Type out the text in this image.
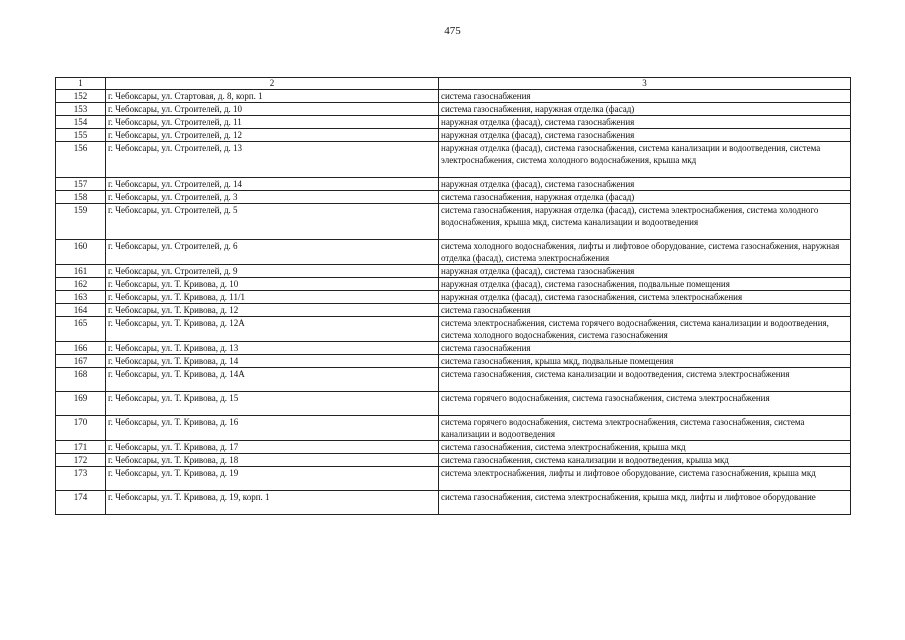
475
1	2	3
152	г. Чебоксары, ул. Стартовая, д. 8, корп. 1	система газоснабжения
153	г. Чебоксары, ул. Строителей, д. 10	система газоснабжения, наружная отделка (фасад)
154	г. Чебоксары, ул. Строителей, д. 11	наружная отделка (фасад), система газоснабжения
155	г. Чебоксары, ул. Строителей, д. 12	наружная отделка (фасад), система газоснабжения
156	г. Чебоксары, ул. Строителей, д. 13	наружная отделка (фасад), система газоснабжения, система канализации и водоотведения, система электроснабжения, система холодного водоснабжения, крыша мкд
157	г. Чебоксары, ул. Строителей, д. 14	наружная отделка (фасад), система газоснабжения
158	г. Чебоксары, ул. Строителей, д. 3	система газоснабжения, наружная отделка (фасад)
159	г. Чебоксары, ул. Строителей, д. 5	система газоснабжения, наружная отделка (фасад), система электроснабжения, система холодного водоснабжения, крыша мкд, система канализации и водоотведения
160	г. Чебоксары, ул. Строителей, д. 6	система холодного водоснабжения, лифты и лифтовое оборудование, система газоснабжения, наружная отделка (фасад), система электроснабжения
161	г. Чебоксары, ул. Строителей, д. 9	наружная отделка (фасад), система газоснабжения
162	г. Чебоксары, ул. Т. Кривова, д. 10	наружная отделка (фасад), система газоснабжения, подвальные помещения
163	г. Чебоксары, ул. Т. Кривова, д. 11/1	наружная отделка (фасад), система газоснабжения, система электроснабжения
164	г. Чебоксары, ул. Т. Кривова, д. 12	система газоснабжения
165	г. Чебоксары, ул. Т. Кривова, д. 12А	система электроснабжения, система горячего водоснабжения, система канализации и водоотведения, система холодного водоснабжения, система газоснабжения
166	г. Чебоксары, ул. Т. Кривова, д. 13	система газоснабжения
167	г. Чебоксары, ул. Т. Кривова, д. 14	система газоснабжения, крыша мкд, подвальные помещения
168	г. Чебоксары, ул. Т. Кривова, д. 14А	система газоснабжения, система канализации и водоотведения, система электроснабжения
169	г. Чебоксары, ул. Т. Кривова, д. 15	система горячего водоснабжения, система газоснабжения, система электроснабжения
170	г. Чебоксары, ул. Т. Кривова, д. 16	система горячего водоснабжения, система электроснабжения, система газоснабжения, система канализации и водоотведения
171	г. Чебоксары, ул. Т. Кривова, д. 17	система газоснабжения, система электроснабжения, крыша мкд
172	г. Чебоксары, ул. Т. Кривова, д. 18	система газоснабжения, система канализации и водоотведения, крыша мкд
173	г. Чебоксары, ул. Т. Кривова, д. 19	система электроснабжения, лифты и лифтовое оборудование, система газоснабжения, крыша мкд
174	г. Чебоксары, ул. Т. Кривова, д. 19, корп. 1	система газоснабжения, система электроснабжения, крыша мкд, лифты и лифтовое оборудование
